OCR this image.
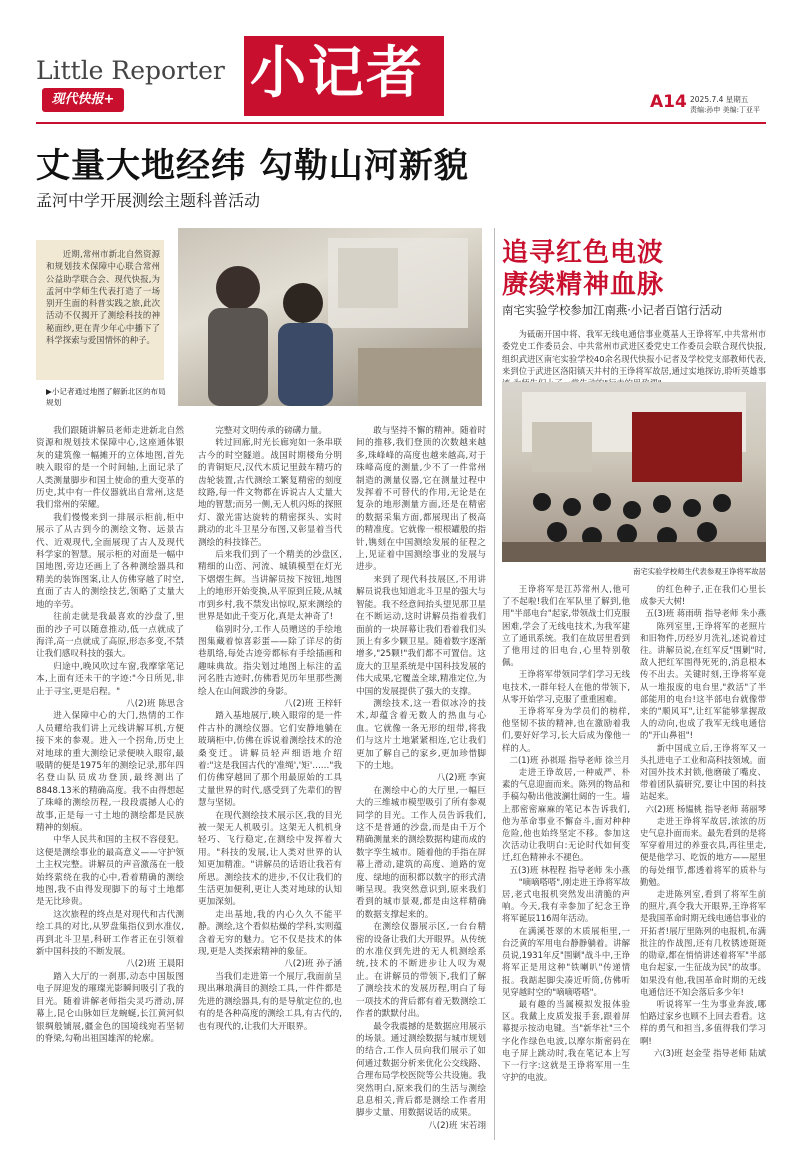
Little Reporter
现代快报+ 小记者	A14 2025.7.4 星期五
责编:孙申 美编:丁亚平
丈量大地经纬 勾勒山河新貌
孟河中学开展测绘主题科普活动
近期,常州市新北自然资源和规划技术保障中心联合常州公益助学联合会、现代快报,为孟河中学师生代表打造了一场别开生面的科普实践之旅,此次活动不仅揭开了测绘科技的神秘面纱,更在青少年心中播下了科学探索与爱国情怀的种子。
▶小记者通过地图了解新北区的布局规划

我们跟随讲解员老师走进新北自然资源和规划技术保障中心,这座通体银灰的建筑像一幅摊开的立体地图,首先映入眼帘的是一个时间轴,上面记录了人类测量脚步和国土使命的重大变革的历史,其中有一件仪器就出自常州,这是我们常州的荣耀。

我们慢慢来到一排展示柜前,柜中展示了从古到今的测绘文物、远景古代、近观现代,全面展现了古人及现代科学家的智慧。展示柜的对面是一幅中国地图,旁边还画上了各种测绘器具和精美的装饰图案,让人仿佛穿越了时空,直面了古人的测绘技艺,领略了丈量大地的辛劳。

往前走就是我最喜欢的沙盘了,里面的沙子可以随意推动,低一点就成了海洋,高一点就成了高原,形态多变,不禁让我们感叹科技的强大。

归途中,晚风吹过车窗,我摩挲笔记本,上面有还未干的字迹:"今日所见,非止于寻宝,更是启程。"

八(2)班 陈思含

进入保障中心的大门,热情的工作人员耀给我们讲上元线讲解耳机,方便接下来的参观。进入一个拐角,历史上对地球的重大测绘记录便映入眼帘,最吸睛的便是1975年的测绘记录,那年四名登山队员成功登顶,最终测出了8848.13米的精确高度。我不由得想起了珠峰的测绘历程,一段段震撼人心的故事,正是每一寸土地的测绘都是民族精神的刻痕。

中华人民共和国的主权不容侵犯。这便是测绘事业的最高意义——守护领土主权完整。讲解员的声音激荡在一般始终萦绕在我的心中,看着精确的测绘地图,我不由得发现脚下的每寸土地都是无比珍贵。

这次旅程的终点是对现代和古代测绘工具的对比,从罗盘集指仪到水准仪,再到北斗卫星,科研工作者正在引领着新中国科技的不断发展。

八(2)班 王晨阳

踏入大厅的一刹那,动态中国版图电子屏迎发的璀璨光影瞬间吸引了我的目光。随着讲解老师指尖灵巧滑动,屏幕上,昆仑山脉如巨龙蜿蜒,长江黄河似银绸般铺展,疆金色的国境线宛若坚韧的脊梁,勾勒出祖国雄浑的轮廓。

完整对文明传承的磅礴力量。

转过回廊,时光长廊宛如一条串联古今的时空隧道。战国时期楼角分明的青铜矩尺,汉代木质记里鼓车精巧的齿轮装置,古代测绘工繁复精密的刻度纹路,每一件文物都在诉说古人丈量大地的智慧;而另一侧,无人机闪烁的探照灯、激光雷达旋转的精密探头、实时跳动的北斗卫星分布图,又彰显着当代测绘的科技锋芒。

后来我们到了一个精美的沙盘区,精细的山峦、河流、城镇模型在灯光下熠熠生辉。当讲解员按下按钮,地图上的地形开始变换,从平原到丘陵,从城市到乡村,我不禁发出惊叹,原来测绘的世界是如此千变万化,真是太神奇了!

临别时分,工作人员赠送的手绘地图集藏着惊喜彩蛋——除了详尽的街巷肌络,每处古迹旁都标有手绘插画和趣味典故。指尖划过地图上标注的孟河名胜古迹时,仿佛看见历年里那些测绘人在山间跋涉的身影。

八(2)班 王梓轩

踏入基地展厅,映入眼帘的是一件件古朴的测绘仪器。它们安静地躺在玻璃柜中,仿佛在诉说着测绘技术的沧桑变迁。讲解员轻声细语地介绍着:"这是我国古代的'准绳','矩'……"我们仿佛穿越回了那个用最原始的工具丈量世界的时代,感受到了先辈们的智慧与坚韧。

在现代测绘技术展示区,我的目光被一架无人机吸引。这架无人机机身轻巧、飞行稳定,在测绘中发挥着大用。"科技的发展,让人类对世界的认知更加精准。"讲解员的话语让我若有所思。测绘技术的进步,不仅让我们的生活更加便利,更让人类对地球的认知更加深刻。

走出基地,我的内心久久不能平静。测绘,这个看似枯燥的学科,实则蕴含着无穷的魅力。它不仅是技术的体现,更是人类探索精神的象征。

八(2)班 孙子涵

当我们走进第一个展厅,我面前呈现出琳琅满目的测绘工具,一件件都是先进的测绘器具,有的是导航定位的,也有的是各种高度的测绘工具,有古代的,也有现代的,让我们大开眼界。

敢与坚持不懈的精神。随着时间的推移,我们登顶的次数越来越多,珠峰峰的高度也越来越高,对于珠峰高度的测量,少不了一件常州制造的测量仪器,它在测量过程中发挥着不可替代的作用,无论是在复杂的地形测量方面,还是在精密的数据采集方面,都展现出了极高的精准度。它就像一根根罐般的指针,镌刻在中国测绘发展的征程之上,见证着中国测绘事业的发展与进步。

来到了现代科技展区,不用讲解员说我也知道北斗卫星的强大与智能。我不经意间抬头望见那卫星在不断运动,这时讲解员指着我们面前的一块屏幕让我们看着我们头顶上有多少颗卫星。随着数字逐渐增多,"25颗!"我们都不可置信。这庞大的卫星系统是中国科技发展的伟大成果,它覆盖全球,精准定位,为中国的发展提供了强大的支撑。

测绘技术,这一看似冰冷的技术,却蕴含着无数人的热血与心血。它就像一条无形的纽带,将我们与这片土地紧紧相连,它让我们更加了解自己的家乡,更加珍惜脚下的土地。

八(2)班 李寅

在测绘中心的大厅里,一幅巨大的三维城市模型吸引了所有参观同学的目光。工作人员告诉我们,这不是普通的沙盘,而是由千万个精确测量来的测绘数据构建而成的数字孪生城市。随着他的手指在屏幕上滑动,建筑的高度、道路的宽度、绿地的面积都以数字的形式清晰呈现。我突然意识到,原来我们看到的城市景观,都是由这样精确的数据支撑起来的。

在测绘仪器展示区,一台台精密的设备让我们大开眼界。从传统的水准仪到先进的无人机测绘系统,技术的不断进步让人叹为观止。在讲解员的带领下,我们了解了测绘技术的发展历程,明白了每一项技术的背后都有着无数测绘工作者的默默付出。

最令我震撼的是数据应用展示的场景。通过测绘数据与城市规划的结合,工作人员向我们展示了如何通过数据分析来优化公交线路、合理布局学校医院等公共设施。我突然明白,原来我们的生活与测绘息息相关,背后都是测绘工作者用脚步丈量、用数据说话的成果。

八(2)班 宋若翊
追寻红色电波
赓续精神血脉
南宅实验学校参加江南燕·小记者百馆行活动
为砥砺开国中将、我军无线电通信事业奠基人王诤将军,中共常州市委党史工作委员会、中共常州市武进区委党史工作委员会联合现代快报,组织武进区南宅实验学校40余名现代快报小记者及学校党支部教师代表,来到位于武进区洛阳镇天井村的王诤将军故居,通过实地探访,聆听英雄事
南宅实验学校师生代表参观王诤将军故居

王诤将军是江苏常州人,他可了不起啦!我们在军队里了解到,他用"半部电台"起家,带领战士们克服困难,学会了无线电技术,为我军建立了通讯系统。我们在故居里看到了他用过的旧电台,心里特别敬佩。

王诤将军带领同学们学习无线电技术,一群年轻人在他的带领下,从零开始学习,克服了重重困难。

王诤将军身为学员们的榜样,他坚韧不拔的精神,也在激励着我们,要好好学习,长大后成为像他一样的人。

二(1)班 孙祺瑶 指导老师 徐兰月

走进王诤故居,一种威严、朴素的气息迎面而来。陈列的物品和手稿勾勒出他波澜壮阔的一生。墙上那密密麻麻的笔记本告诉我们,他为革命事业不懈奋斗,面对种种危险,他也始终坚定不移。参加这次活动让我明白:无论时代如何变迁,红色精神永不褪色。

五(3)班 林程程 指导老师 朱小燕

"嘀嘀嗒嗒",刚走进王诤将军故居,老式电报机突然发出清脆的声响。今天,我有幸参加了纪念王诤将军诞辰116周年活动。

在满溪苍翠的木质展柜里,一台泛黄的军用电台静静躺着。讲解员说,1931年反"围剿"战斗中,王诤将军正是用这种"铁喇叭"传递情报。我踮起脚尖凑近听筒,仿佛听见穿越时空的"嘀嘀嗒嗒"。

最有趣的当属模拟发报体验区。我戴上皮质发报手套,跟着屏幕提示按动电键。当"新华社"三个字化作绿色电波,以摩尔斯密码在电子屏上跳动时,我在笔记本上写下一行字:这就是王诤将军用一生守护的电波。

的红色种子,正在我们心里长成参天大树!

五(3)班 蒋雨萌 指导老师 朱小燕

陈列室里,王诤将军的老照片和旧物件,历经岁月洗礼,述说着过往。讲解员说,在红军反"围剿"时,敌人把红军围得死死的,消息根本传不出去。关键时刻,王诤将军竟从一堆报废的电台里,"救活"了半部能用的电台!这半部电台就像带来的"顺风耳",让红军能够掌握敌人的动向,也成了我军无线电通信的"开山鼻祖"!

新中国成立后,王诤将军又一头扎进电子工业和高科技领域。面对国外技术封锁,他磨破了嘴皮、带着团队搞研究,要让中国的科技站起来。

六(2)班 杨韫桃 指导老师 蒋丽琴

走进王诤将军故居,浓浓的历史气息扑面而来。最先看到的是将军穿着用过的养蚕衣具,再往里走,便是他学习、吃饭的地方——屋里的每处细节,都透着将军的质朴与勤勉。

走进陈列室,看到了将军生前的照片,真令我大开眼界,王诤将军是我国革命时期无线电通信事业的开拓者!展厅里陈列的电报机,布满批注的作战图,还有几枚锈迹斑斑的勋章,都在悄悄讲述着将军"半部电台起家,一生征战为民"的故事。如果没有他,我国革命时期的无线电通信还不知会落后多少年!

听说将军一生为事业奔波,哪怕路过家乡也顾不上回去看看。这样的勇气和担当,多值得我们学习啊!

六(3)班 赵金莹 指导老师 陆斌
